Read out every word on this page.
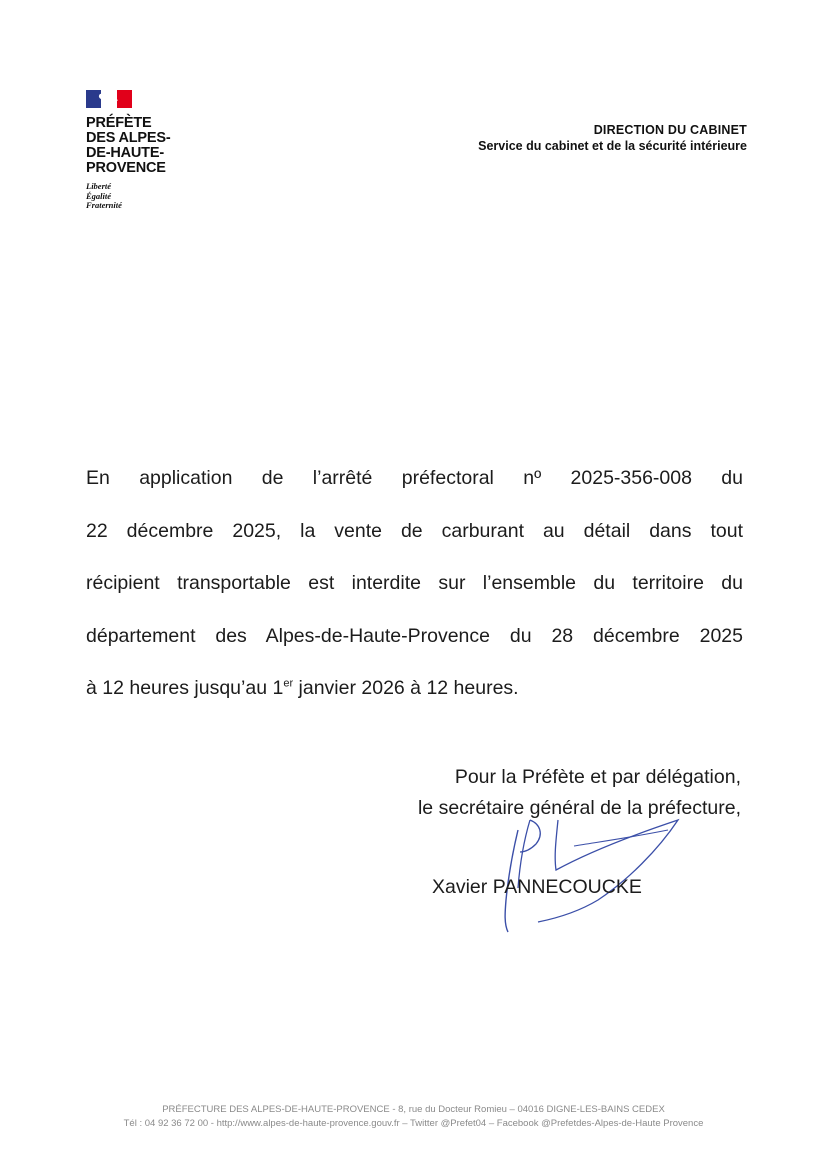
PRÉFÈTE
DES ALPES-
DE-HAUTE-
PROVENCE
Liberté
Égalité
Fraternité
DIRECTION DU CABINET
Service du cabinet et de la sécurité intérieure
En application de l’arrêté préfectoral nº 2025-356-008 du
22 décembre 2025, la vente de carburant au détail dans tout
récipient transportable est interdite sur l’ensemble du territoire du
département des Alpes-de-Haute-Provence du 28 décembre 2025
à 12 heures jusqu’au 1er janvier 2026 à 12 heures.
Pour la Préfète et par délégation,
le secrétaire général de la préfecture,
Xavier PANNECOUCKE
PRÉFECTURE DES ALPES-DE-HAUTE-PROVENCE - 8, rue du Docteur Romieu – 04016 DIGNE-LES-BAINS CEDEX
Tél : 04 92 36 72 00 - http://www.alpes-de-haute-provence.gouv.fr – Twitter @Prefet04 – Facebook @Prefetdes-Alpes-de-Haute Provence
